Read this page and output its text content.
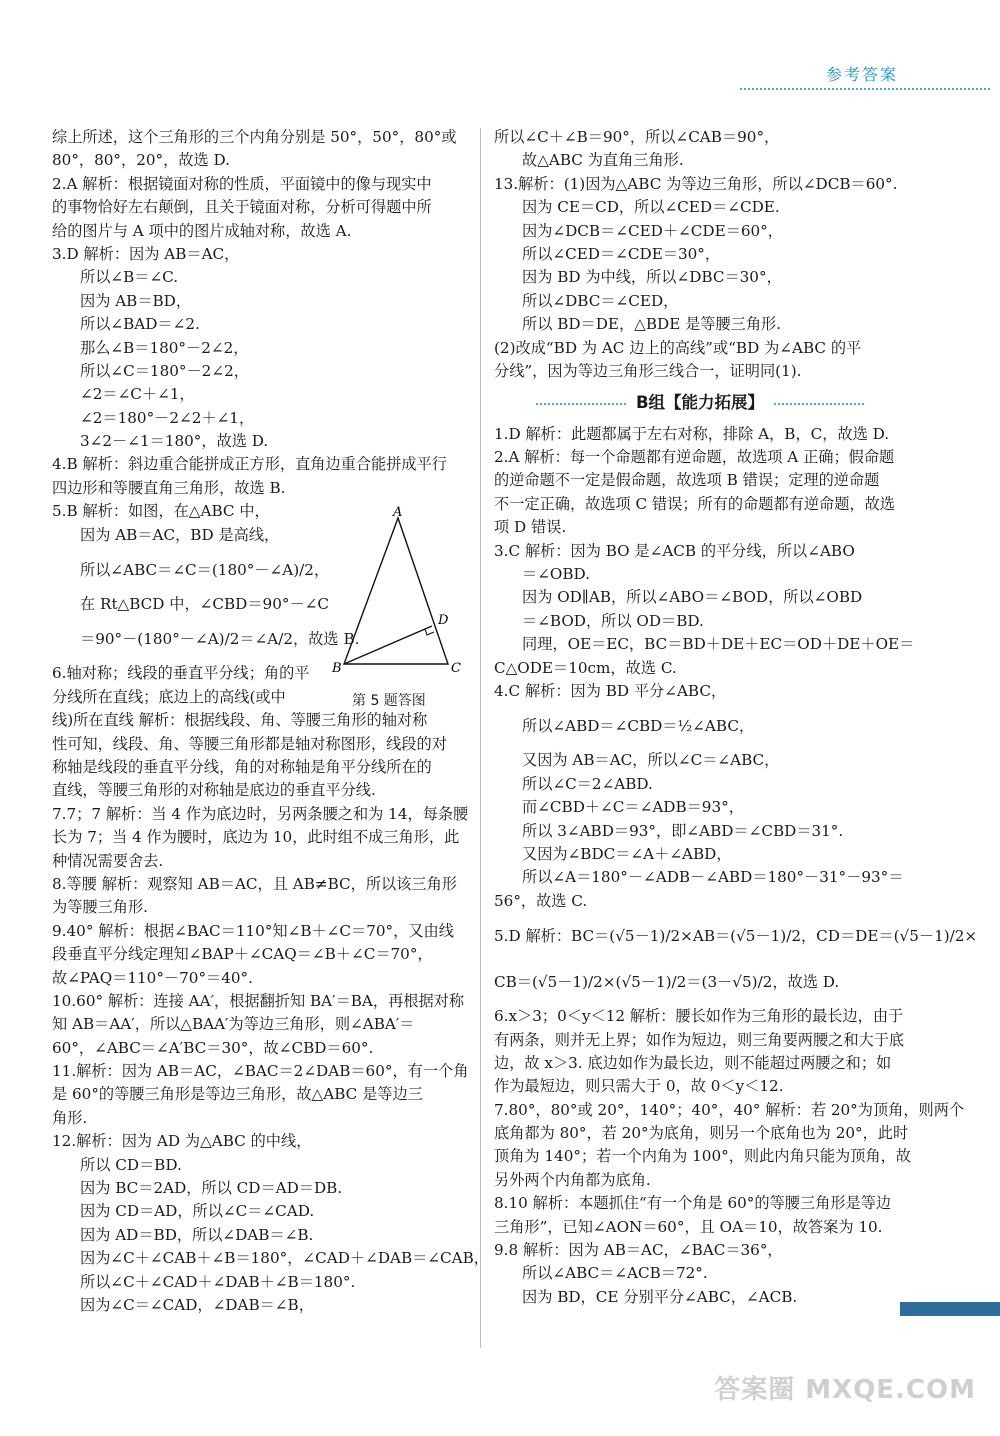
参考答案
综上所述，这个三角形的三个内角分别是 50°，50°，80°或
80°，80°，20°，故选 D.
2.A 解析：根据镜面对称的性质，平面镜中的像与现实中
的事物恰好左右颠倒，且关于镜面对称，分析可得题中所
给的图片与 A 项中的图片成轴对称，故选 A.
3.D 解析：因为 AB＝AC，
所以∠B＝∠C.
因为 AB＝BD，
所以∠BAD＝∠2.
那么∠B＝180°－2∠2，
所以∠C＝180°－2∠2，
∠2＝∠C＋∠1，
∠2＝180°－2∠2＋∠1，
3∠2－∠1＝180°，故选 D.
4.B 解析：斜边重合能拼成正方形，直角边重合能拼成平行
四边形和等腰直角三角形，故选 B.
5.B 解析：如图，在△ABC 中，
因为 AB＝AC，BD 是高线，
所以∠ABC＝∠C＝(180°－∠A)/2，
在 Rt△BCD 中，∠CBD＝90°－∠C
＝90°－(180°－∠A)/2＝∠A/2，故选 B.
6.轴对称；线段的垂直平分线；角的平
分线所在直线；底边上的高线(或中
线)所在直线 解析：根据线段、角、等腰三角形的轴对称
性可知，线段、角、等腰三角形都是轴对称图形，线段的对
称轴是线段的垂直平分线，角的对称轴是角平分线所在的
直线，等腰三角形的对称轴是底边的垂直平分线.
7.7；7 解析：当 4 作为底边时，另两条腰之和为 14，每条腰
长为 7；当 4 作为腰时，底边为 10，此时组不成三角形，此
种情况需要舍去.
8.等腰 解析：观察知 AB＝AC，且 AB≠BC，所以该三角形
为等腰三角形.
9.40° 解析：根据∠BAC＝110°知∠B＋∠C＝70°，又由线
段垂直平分线定理知∠BAP＋∠CAQ＝∠B＋∠C＝70°，
故∠PAQ＝110°－70°＝40°.
10.60° 解析：连接 AA′，根据翻折知 BA′＝BA，再根据对称
知 AB＝AA′，所以△BAA′为等边三角形，则∠ABA′＝
60°，∠ABC＝∠A′BC＝30°，故∠CBD＝60°.
11.解析：因为 AB＝AC，∠BAC＝2∠DAB＝60°，有一个角
是 60°的等腰三角形是等边三角形，故△ABC 是等边三
角形.
12.解析：因为 AD 为△ABC 的中线，
所以 CD＝BD.
因为 BC＝2AD，所以 CD＝AD＝DB.
因为 CD＝AD，所以∠C＝∠CAD.
因为 AD＝BD，所以∠DAB＝∠B.
因为∠C＋∠CAB＋∠B＝180°，∠CAD＋∠DAB＝∠CAB，
所以∠C＋∠CAD＋∠DAB＋∠B＝180°.
因为∠C＝∠CAD，∠DAB＝∠B，
所以∠C＋∠B＝90°，所以∠CAB＝90°，
故△ABC 为直角三角形.
13.解析：(1)因为△ABC 为等边三角形，所以∠DCB＝60°.
因为 CE＝CD，所以∠CED＝∠CDE.
因为∠DCB＝∠CED＋∠CDE＝60°，
所以∠CED＝∠CDE＝30°，
因为 BD 为中线，所以∠DBC＝30°，
所以∠DBC＝∠CED，
所以 BD＝DE，△BDE 是等腰三角形.
(2)改成“BD 为 AC 边上的高线”或“BD 为∠ABC 的平
分线”，因为等边三角形三线合一，证明同(1).
B组【能力拓展】
1.D 解析：此题都属于左右对称，排除 A，B，C，故选 D.
2.A 解析：每一个命题都有逆命题，故选项 A 正确；假命题
的逆命题不一定是假命题，故选项 B 错误；定理的逆命题
不一定正确，故选项 C 错误；所有的命题都有逆命题，故选
项 D 错误.
3.C 解析：因为 BO 是∠ACB 的平分线，所以∠ABO
＝∠OBD.
因为 OD∥AB，所以∠ABO＝∠BOD，所以∠OBD
＝∠BOD，所以 OD＝BD.
同理，OE＝EC，BC＝BD＋DE＋EC＝OD＋DE＋OE＝
C△ODE＝10cm，故选 C.
4.C 解析：因为 BD 平分∠ABC，
所以∠ABD＝∠CBD＝½∠ABC，
又因为 AB＝AC，所以∠C＝∠ABC，
所以∠C＝2∠ABD.
而∠CBD＋∠C＝∠ADB＝93°，
所以 3∠ABD＝93°，即∠ABD＝∠CBD＝31°.
又因为∠BDC＝∠A＋∠ABD，
所以∠A＝180°－∠ADB－∠ABD＝180°－31°－93°＝
56°，故选 C.
5.D 解析：BC＝(√5－1)/2×AB＝(√5－1)/2，CD＝DE＝(√5－1)/2×
CB＝(√5－1)/2×(√5－1)/2＝(3－√5)/2，故选 D.
6.x＞3；0＜y＜12 解析：腰长如作为三角形的最长边，由于
有两条，则并无上界；如作为短边，则三角要两腰之和大于底
边，故 x＞3. 底边如作为最长边，则不能超过两腰之和；如
作为最短边，则只需大于 0，故 0＜y＜12.
7.80°，80°或 20°，140°；40°，40° 解析：若 20°为顶角，则两个
底角都为 80°，若 20°为底角，则另一个底角也为 20°，此时
顶角为 140°；若一个内角为 100°，则此内角只能为顶角，故
另外两个内角都为底角.
8.10 解析：本题抓住“有一个角是 60°的等腰三角形是等边
三角形”，已知∠AON＝60°，且 OA＝10，故答案为 10.
9.8 解析：因为 AB＝AC，∠BAC＝36°，
所以∠ABC＝∠ACB＝72°.
因为 BD，CE 分别平分∠ABC，∠ACB.
A
B	C
D
第 5 题答图
答案圈 MXQE.COM
